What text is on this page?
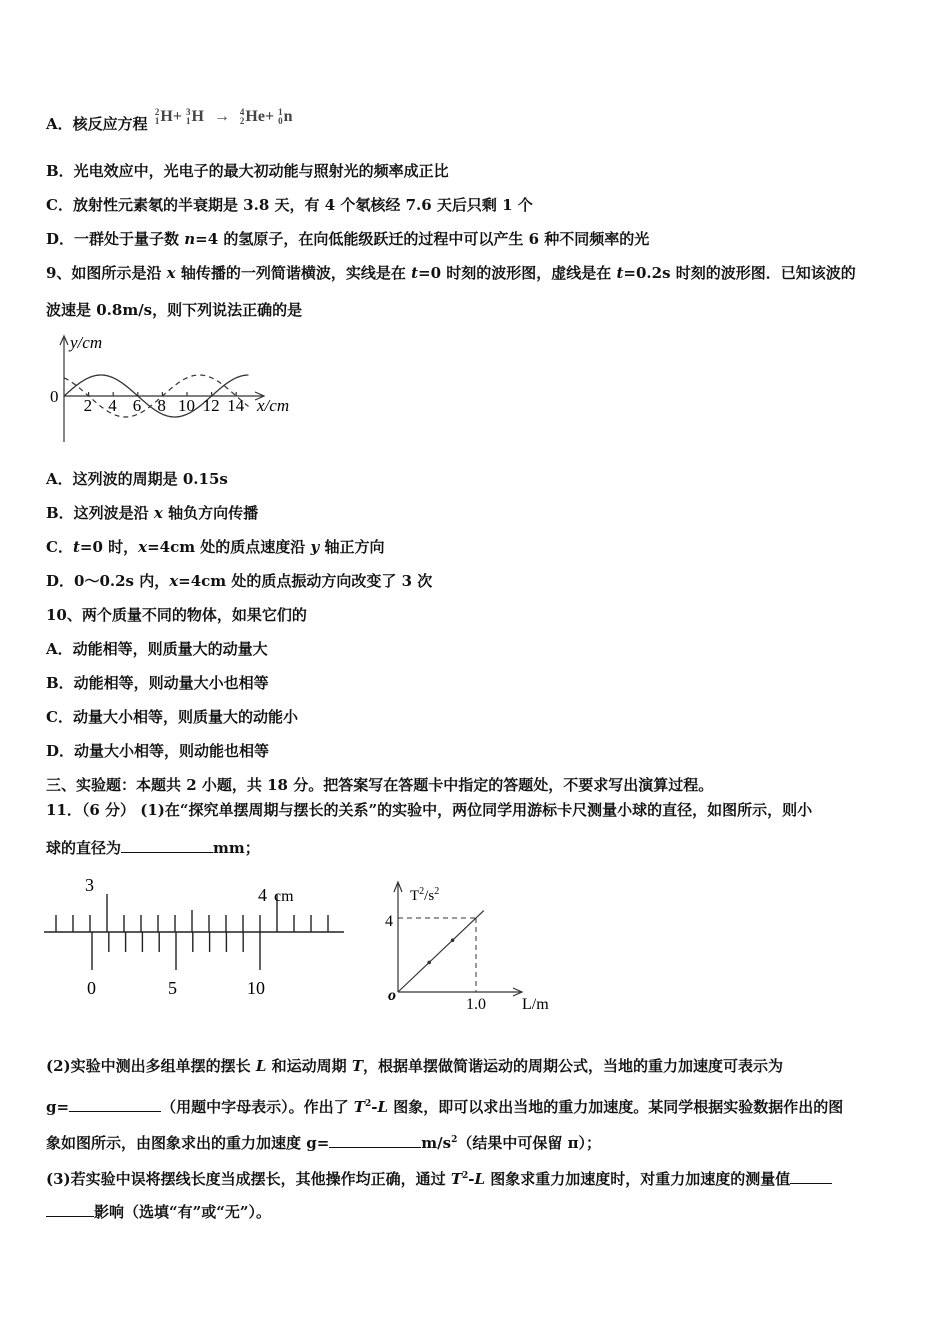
A．核反应方程
2
1 H+ 3
1 H → 4
2 He+ 1
0 n
B．光电效应中，光电子的最大初动能与照射光的频率成正比
C．放射性元素氡的半衰期是 3.8 天，有 4 个氡核经 7.6 天后只剩 1 个
D．一群处于量子数 n=4 的氢原子，在向低能级跃迁的过程中可以产生 6 种不同频率的光
9、如图所示是沿 x 轴传播的一列简谐横波，实线是在 t=0 时刻的波形图，虚线是在 t=0.2s 时刻的波形图．已知该波的
波速是 0.8m/s，则下列说法正确的是
y/cm
0	x/cm
2 4 6 8 10 12 14
A．这列波的周期是 0.15s
B．这列波是沿 x 轴负方向传播
C．t=0 时，x=4cm 处的质点速度沿 y 轴正方向
D．0～0.2s 内，x=4cm 处的质点振动方向改变了 3 次
10、两个质量不同的物体，如果它们的
A．动能相等，则质量大的动量大
B．动能相等，则动量大小也相等
C．动量大小相等，则质量大的动能小
D．动量大小相等，则动能也相等
三、实验题：本题共 2 小题，共 18 分。把答案写在答题卡中指定的答题处，不要求写出演算过程。
11．（6 分） (1)在“探究单摆周期与摆长的关系”的实验中，两位同学用游标卡尺测量小球的直径，如图所示，则小
球的直径为	mm；
3	4 cm
0	5	10
$T^2/s^2$
4
o
1.0 L/m
(2)实验中测出多组单摆的摆长 L 和运动周期 T，根据单摆做简谐运动的周期公式，当地的重力加速度可表示为
g=	（用题中字母表示）。作出了 $T^2-L$ 图象，即可以求出当地的重力加速度。某同学根据实验数据作出的图
象如图所示，由图象求出的重力加速度 g=	$m/s^2$（结果中可保留 π）；
(3)若实验中误将摆线长度当成摆长，其他操作均正确，通过 $T^2-L$ 图象求重力加速度时，对重力加速度的测量值
影响（选填“有”或“无”）。
